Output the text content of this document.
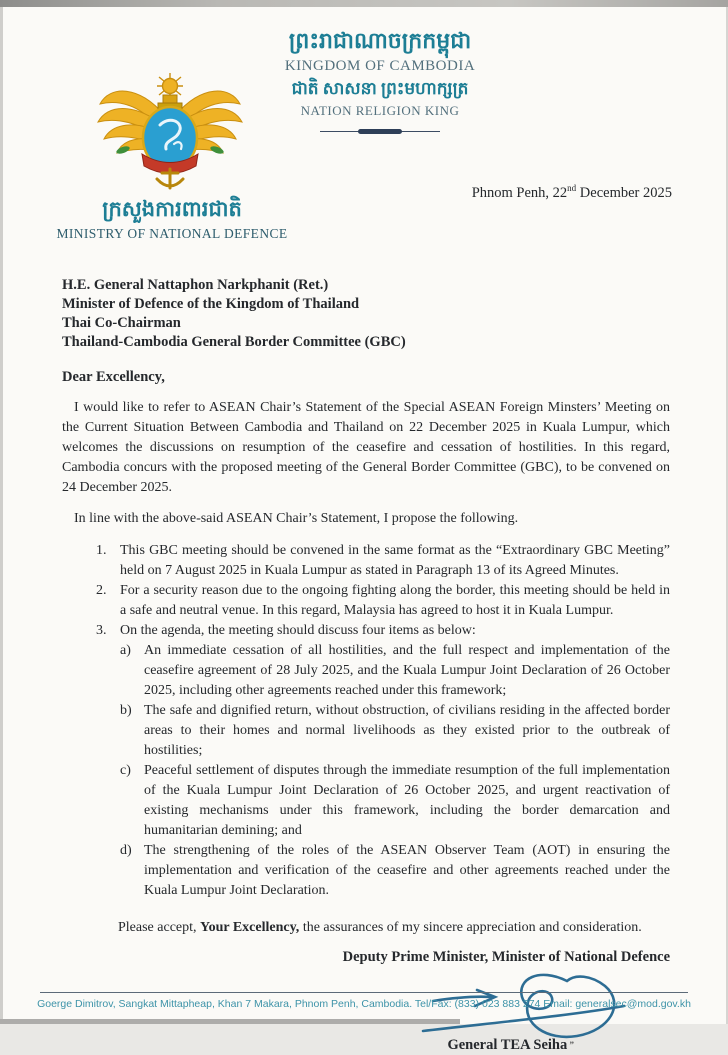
ព្រះរាជាណាចក្រកម្ពុជា
KINGDOM OF CAMBODIA
ជាតិ សាសនា ព្រះមហាក្សត្រ
NATION RELIGION KING
ក្រសួងការពារជាតិ
MINISTRY OF NATIONAL DEFENCE
Phnom Penh, 22nd December 2025
H.E. General Nattaphon Narkphanit (Ret.)
Minister of Defence of the Kingdom of Thailand
Thai Co-Chairman
Thailand-Cambodia General Border Committee (GBC)
Dear Excellency,
I would like to refer to ASEAN Chair’s Statement of the Special ASEAN Foreign Minsters’ Meeting on the Current Situation Between Cambodia and Thailand on 22 December 2025 in Kuala Lumpur, which welcomes the discussions on resumption of the ceasefire and cessation of hostilities. In this regard, Cambodia concurs with the proposed meeting of the General Border Committee (GBC), to be convened on 24 December 2025.
In line with the above-said ASEAN Chair’s Statement, I propose the following.
1. This GBC meeting should be convened in the same format as the “Extraordinary GBC Meeting” held on 7 August 2025 in Kuala Lumpur as stated in Paragraph 13 of its Agreed Minutes.
2. For a security reason due to the ongoing fighting along the border, this meeting should be held in a safe and neutral venue. In this regard, Malaysia has agreed to host it in Kuala Lumpur.
3. On the agenda, the meeting should discuss four items as below:
a) An immediate cessation of all hostilities, and the full respect and implementation of the ceasefire agreement of 28 July 2025, and the Kuala Lumpur Joint Declaration of 26 October 2025, including other agreements reached under this framework;
b) The safe and dignified return, without obstruction, of civilians residing in the affected border areas to their homes and normal livelihoods as they existed prior to the outbreak of hostilities;
c) Peaceful settlement of disputes through the immediate resumption of the full implementation of the Kuala Lumpur Joint Declaration of 26 October 2025, and urgent reactivation of existing mechanisms under this framework, including the border demarcation and humanitarian demining; and
d) The strengthening of the roles of the ASEAN Observer Team (AOT) in ensuring the implementation and verification of the ceasefire and other agreements reached under the Kuala Lumpur Joint Declaration.
Please accept, Your Excellency, the assurances of my sincere appreciation and consideration.
Deputy Prime Minister, Minister of National Defence
General TEA Seiha ”
Goerge Dimitrov, Sangkat Mittapheap, Khan 7 Makara, Phnom Penh, Cambodia. Tel/Fax: (833) 023 883 274 Email: generalsec@mod.gov.kh
